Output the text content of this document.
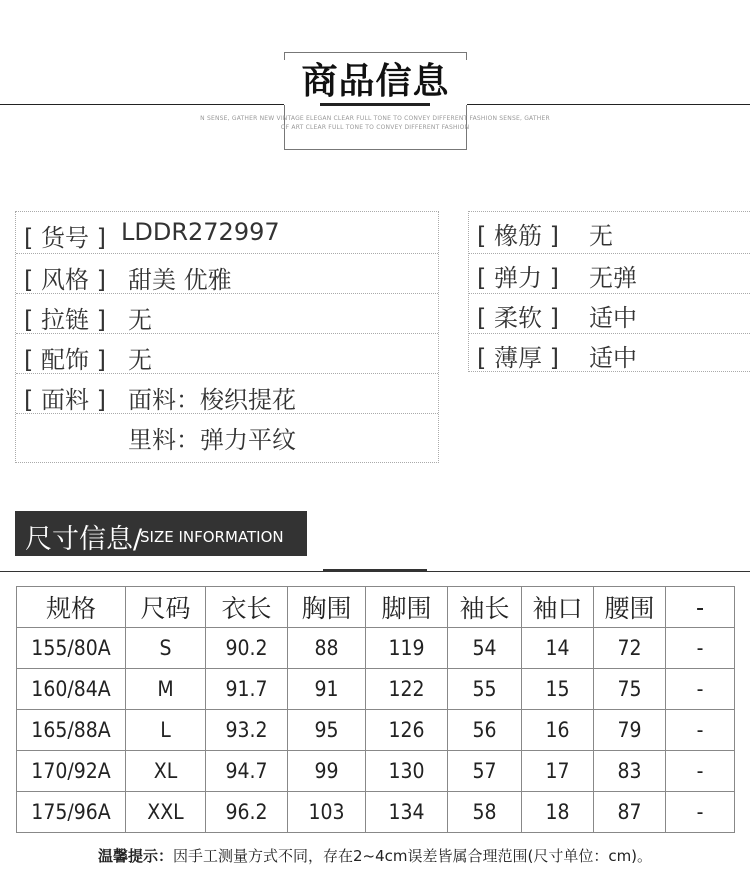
商品信息
N SENSE, GATHER NEW VINTAGE ELEGAN CLEAR FULL TONE TO CONVEY DIFFERENT FASHION SENSE, GATHER
OF ART CLEAR FULL TONE TO CONVEY DIFFERENT FASHION
[ 货号 ] LDDR272997
[ 风格 ] 甜美 优雅
[ 拉链 ] 无
[ 配饰 ] 无
[ 面料 ] 面料：梭织提花
里料：弹力平纹
[ 橡筋 ] 无
[ 弹力 ] 无弹
[ 柔软 ] 适中
[ 薄厚 ] 适中
尺寸信息/
SIZE INFORMATION
规格	尺码	衣长	胸围	脚围	袖长	袖口	腰围	-
155/80A	S	90.2	88	119	54	14	72	-
160/84A	M	91.7	91	122	55	15	75	-
165/88A	L	93.2	95	126	56	16	79	-
170/92A	XL	94.7	99	130	57	17	83	-
175/96A	XXL	96.2	103	134	58	18	87	-
温馨提示：因手工测量方式不同，存在2~4cm误差皆属合理范围(尺寸单位：cm)。
